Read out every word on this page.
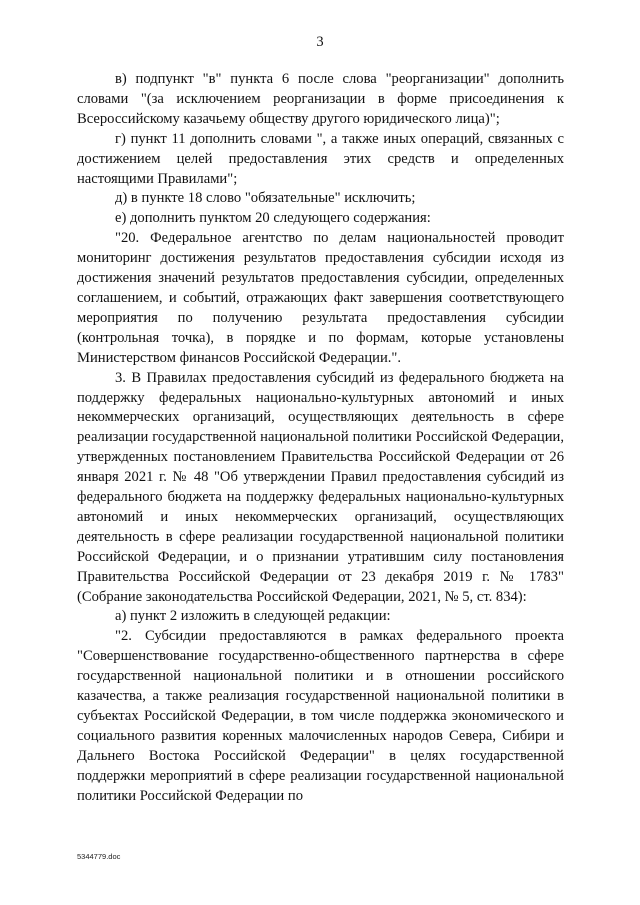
3

в) подпункт "в" пункта 6 после слова "реорганизации" дополнить словами "(за исключением реорганизации в форме присоединения к Всероссийскому казачьему обществу другого юридического лица)";

г) пункт 11 дополнить словами ", а также иных операций, связанных с достижением целей предоставления этих средств и определенных настоящими Правилами";

д) в пункте 18 слово "обязательные" исключить;

е) дополнить пунктом 20 следующего содержания:

"20. Федеральное агентство по делам национальностей проводит мониторинг достижения результатов предоставления субсидии исходя из достижения значений результатов предоставления субсидии, определенных соглашением, и событий, отражающих факт завершения соответствующего мероприятия по получению результата предоставления субсидии (контрольная точка), в порядке и по формам, которые установлены Министерством финансов Российской Федерации.".

3. В Правилах предоставления субсидий из федерального бюджета на поддержку федеральных национально-культурных автономий и иных некоммерческих организаций, осуществляющих деятельность в сфере реализации государственной национальной политики Российской Федерации, утвержденных постановлением Правительства Российской Федерации от 26 января 2021 г. № 48 "Об утверждении Правил предоставления субсидий из федерального бюджета на поддержку федеральных национально-культурных автономий и иных некоммерческих организаций, осуществляющих деятельность в сфере реализации государственной национальной политики Российской Федерации, и о признании утратившим силу постановления Правительства Российской Федерации от 23 декабря 2019 г. № 1783" (Собрание законодательства Российской Федерации, 2021, № 5, ст. 834):

а) пункт 2 изложить в следующей редакции:

"2. Субсидии предоставляются в рамках федерального проекта "Совершенствование государственно-общественного партнерства в сфере государственной национальной политики и в отношении российского казачества, а также реализация государственной национальной политики в субъектах Российской Федерации, в том числе поддержка экономического и социального развития коренных малочисленных народов Севера, Сибири и Дальнего Востока Российской Федерации" в целях государственной поддержки мероприятий в сфере реализации государственной национальной политики Российской Федерации по

5344779.doc
